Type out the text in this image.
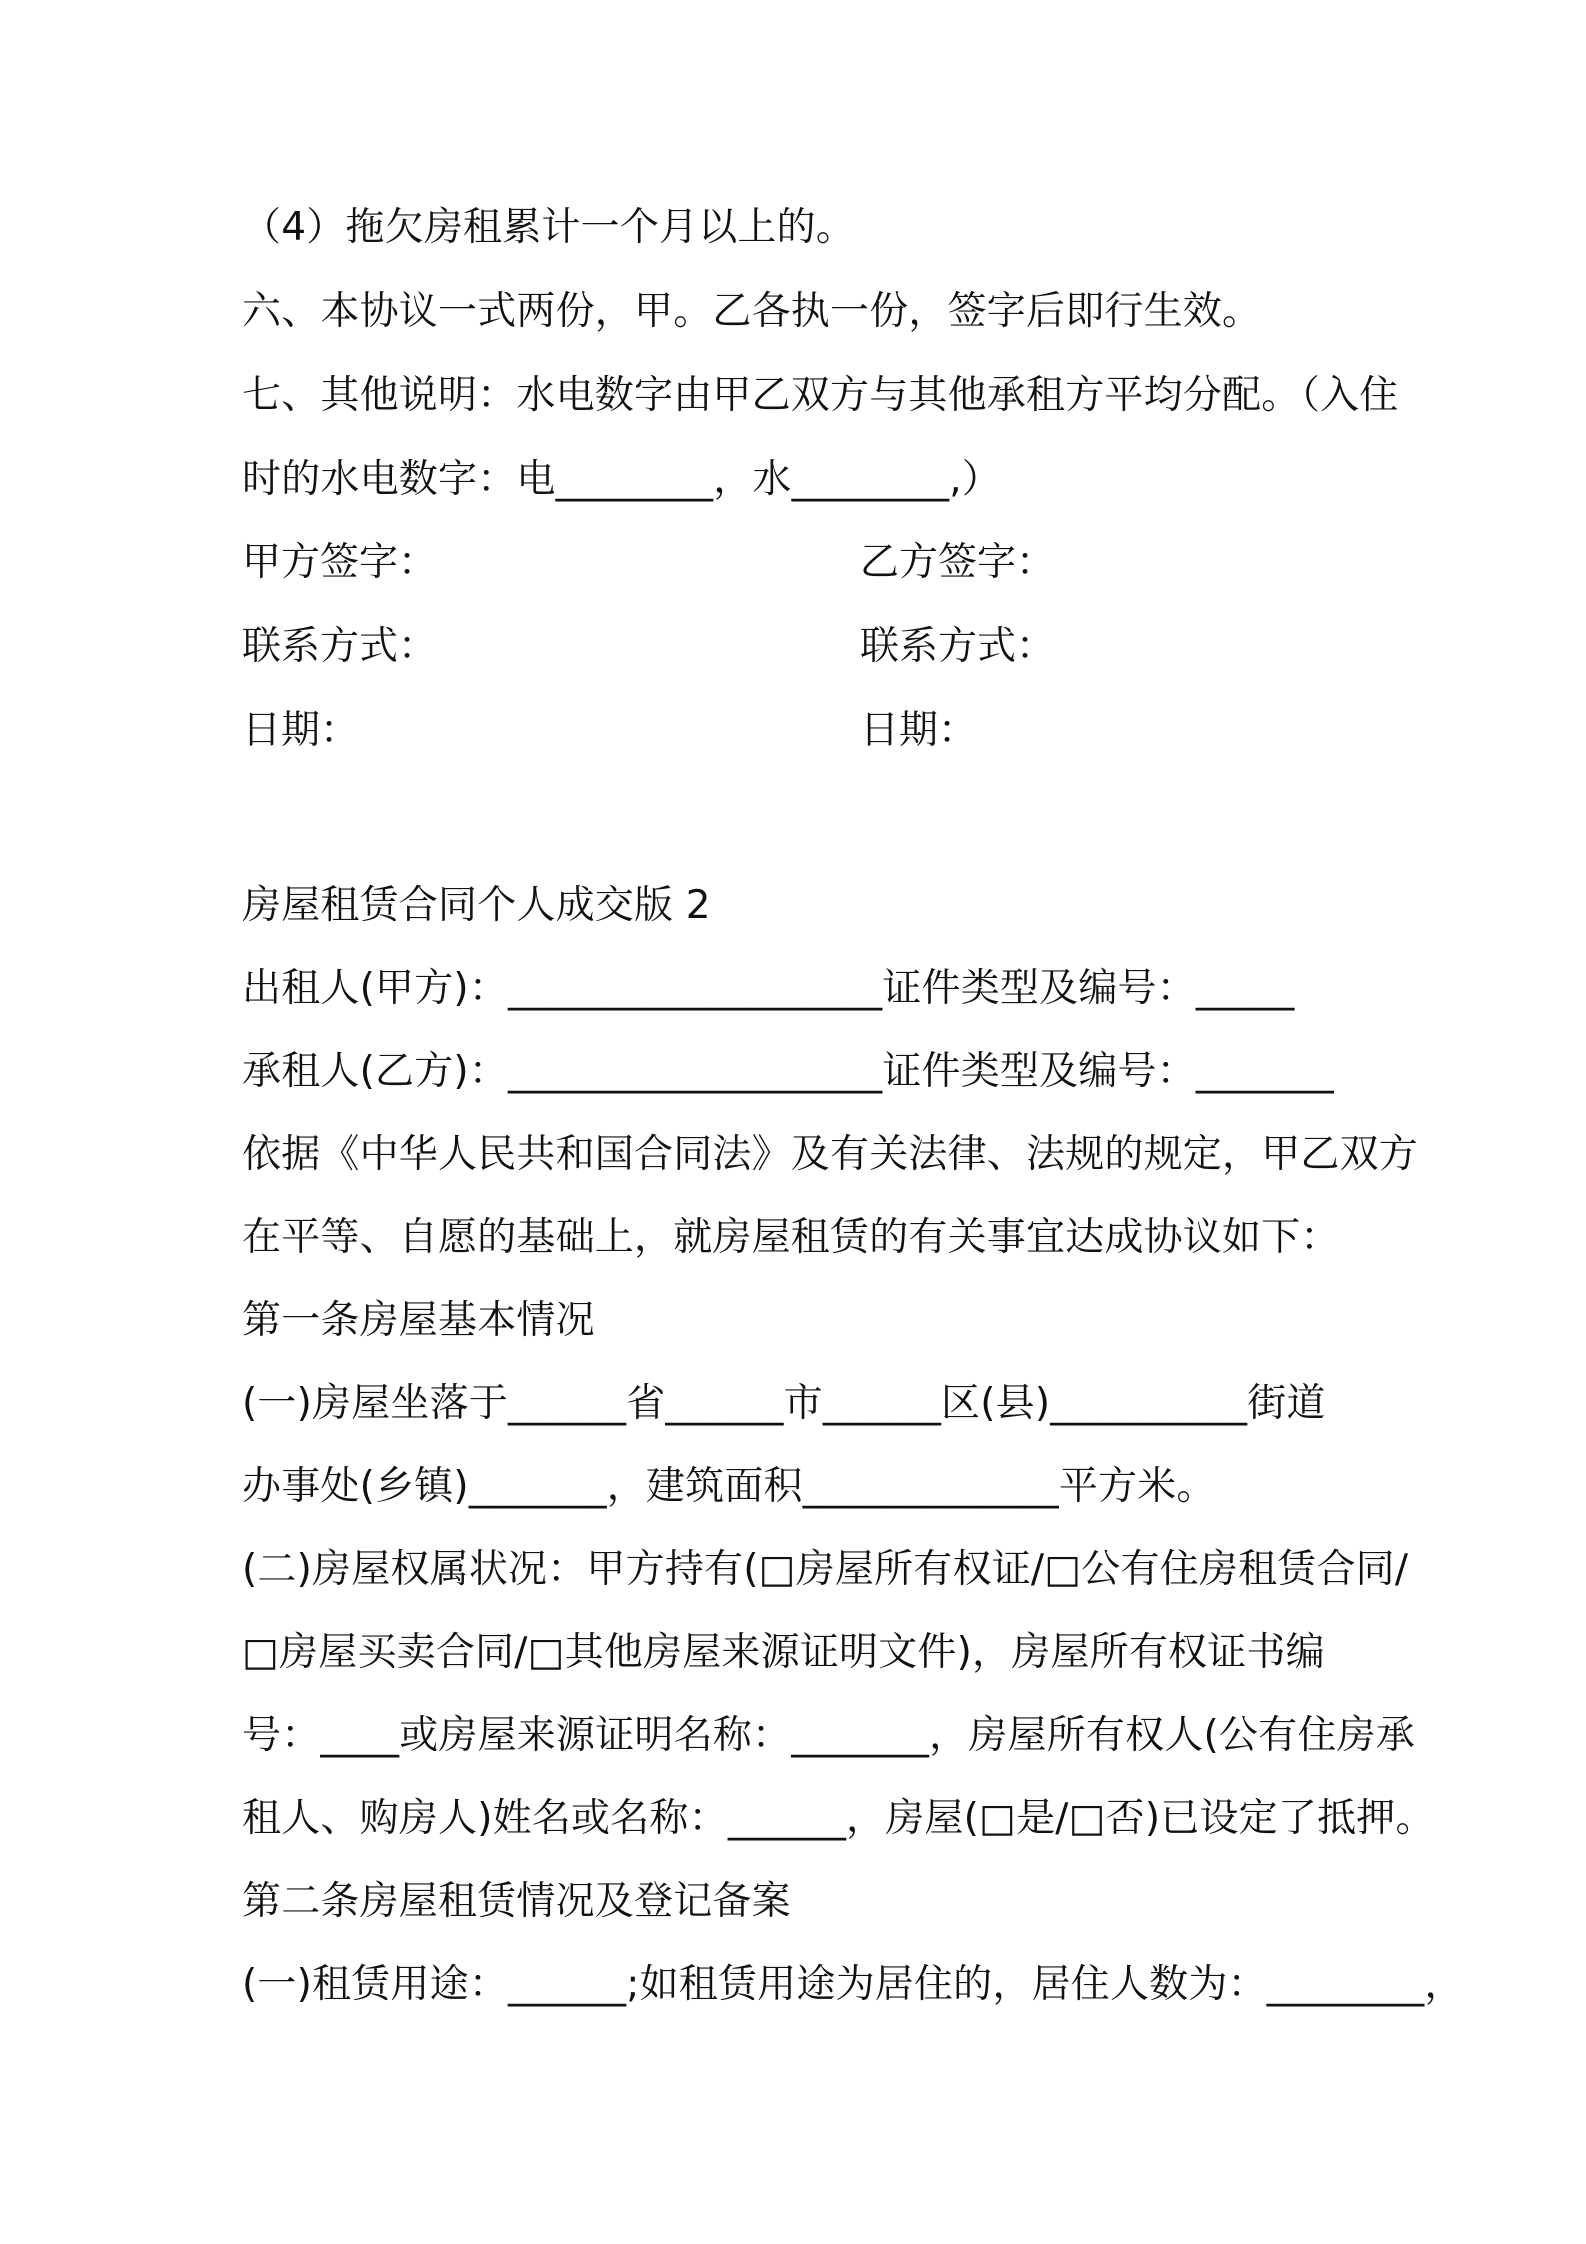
（4）拖欠房租累计一个月以上的。
六、本协议一式两份，甲。乙各执一份，签字后即行生效。
七、其他说明：水电数字由甲乙双方与其他承租方平均分配。（入住
时的水电数字：电________，水________,）
甲方签字：	乙方签字：
联系方式：	联系方式：
日期：	日期：
房屋租赁合同个人成交版 2
出租人(甲方)：___________________证件类型及编号：_____
承租人(乙方)：___________________证件类型及编号：_______
依据《中华人民共和国合同法》及有关法律、法规的规定，甲乙双方
在平等、自愿的基础上，就房屋租赁的有关事宜达成协议如下：
第一条房屋基本情况
(一)房屋坐落于______省______市______区(县)__________街道
办事处(乡镇)_______，建筑面积_____________平方米。
(二)房屋权属状况：甲方持有(□房屋所有权证/□公有住房租赁合同/
□房屋买卖合同/□其他房屋来源证明文件)，房屋所有权证书编
号：____或房屋来源证明名称：_______，房屋所有权人(公有住房承
租人、购房人)姓名或名称：______，房屋(□是/□否)已设定了抵押。
第二条房屋租赁情况及登记备案
(一)租赁用途：______;如租赁用途为居住的，居住人数为：________，
